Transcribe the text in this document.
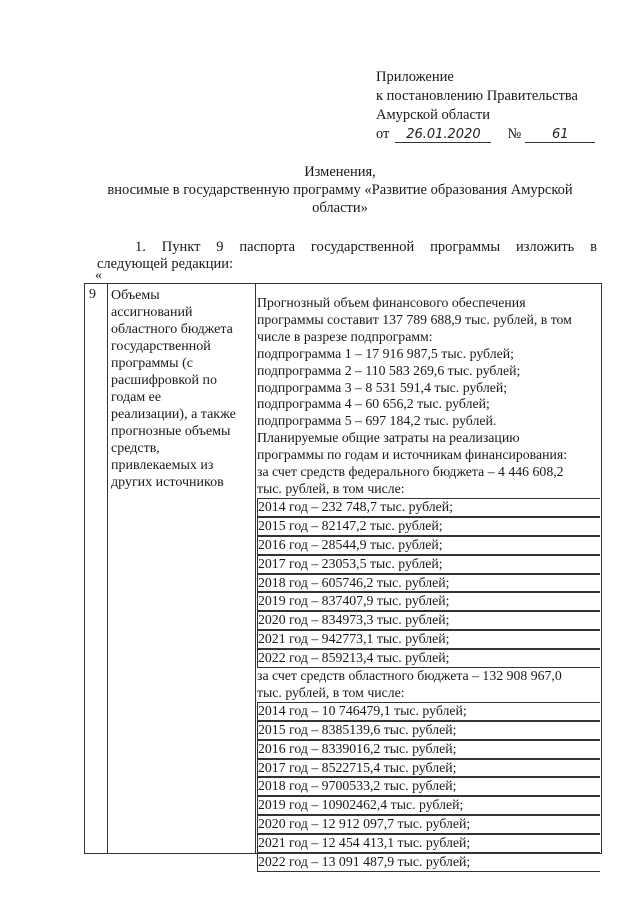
Приложение
к постановлению Правительства
Амурской области
от 26.01.2020 № 61
Изменения,
вносимые в государственную программу «Развитие образования Амурской
области»
1. Пункт 9 паспорта государственной программы изложить в
следующей редакции:
«
9	Объемы
ассигнований
областного бюджета
государственной
программы (с
расшифровкой по
годам ее
реализации), а также
прогнозные объемы
средств,
привлекаемых из
других источников
Прогнозный объем финансового обеспечения
программы составит 137 789 688,9 тыс. рублей, в том
числе в разрезе подпрограмм:
подпрограмма 1 – 17 916 987,5 тыс. рублей;
подпрограмма 2 – 110 583 269,6 тыс. рублей;
подпрограмма 3 – 8 531 591,4 тыс. рублей;
подпрограмма 4 – 60 656,2 тыс. рублей;
подпрограмма 5 – 697 184,2 тыс. рублей.
Планируемые общие затраты на реализацию
программы по годам и источникам финансирования:
за счет средств федерального бюджета – 4 446 608,2
тыс. рублей, в том числе:
2014 год – 232 748,7 тыс. рублей;
2015 год – 82147,2 тыс. рублей;
2016 год – 28544,9 тыс. рублей;
2017 год – 23053,5 тыс. рублей;
2018 год – 605746,2 тыс. рублей;
2019 год – 837407,9 тыс. рублей;
2020 год – 834973,3 тыс. рублей;
2021 год – 942773,1 тыс. рублей;
2022 год – 859213,4 тыс. рублей;
за счет средств областного бюджета – 132 908 967,0
тыс. рублей, в том числе:
2014 год – 10 746479,1 тыс. рублей;
2015 год – 8385139,6 тыс. рублей;
2016 год – 8339016,2 тыс. рублей;
2017 год – 8522715,4 тыс. рублей;
2018 год – 9700533,2 тыс. рублей;
2019 год – 10902462,4 тыс. рублей;
2020 год – 12 912 097,7 тыс. рублей;
2021 год – 12 454 413,1 тыс. рублей;
2022 год – 13 091 487,9 тыс. рублей;
